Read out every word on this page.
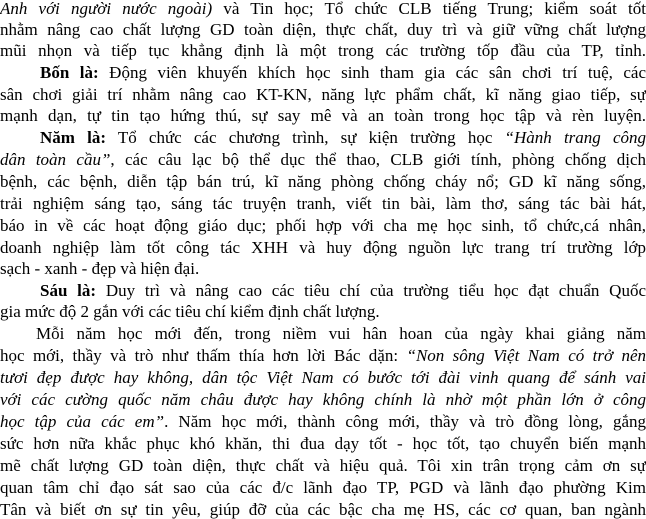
Anh với người nước ngoài) và Tin học; Tổ chức CLB tiếng Trung; kiểm soát tốt
nhằm nâng cao chất lượng GD toàn diện, thực chất, duy trì và giữ vững chất lượng
mũi nhọn và tiếp tục khẳng định là một trong các trường tốp đầu của TP, tỉnh.
Bốn là: Động viên khuyến khích học sinh tham gia các sân chơi trí tuệ, các
sân chơi giải trí nhằm nâng cao KT-KN, năng lực phẩm chất, kĩ năng giao tiếp, sự
mạnh dạn, tự tin tạo hứng thú, sự say mê và an toàn trong học tập và rèn luyện.
Năm là: Tổ chức các chương trình, sự kiện trường học “Hành trang công
dân toàn cầu”, các câu lạc bộ thể dục thể thao, CLB giới tính, phòng chống dịch
bệnh, các bệnh, diễn tập bán trú, kĩ năng phòng chống cháy nổ; GD kĩ năng sống,
trải nghiệm sáng tạo, sáng tác truyện tranh, viết tin bài, làm thơ, sáng tác bài hát,
báo in về các hoạt động giáo dục; phối hợp với cha mẹ học sinh, tổ chức,cá nhân,
doanh nghiệp làm tốt công tác XHH và huy động nguồn lực trang trí trường lớp
sạch - xanh - đẹp và hiện đại.
Sáu là: Duy trì và nâng cao các tiêu chí của trường tiểu học đạt chuẩn Quốc
gia mức độ 2 gắn với các tiêu chí kiểm định chất lượng.
Mỗi năm học mới đến, trong niềm vui hân hoan của ngày khai giảng năm
học mới, thầy và trò như thấm thía hơn lời Bác dặn: “Non sông Việt Nam có trở nên
tươi đẹp được hay không, dân tộc Việt Nam có bước tới đài vinh quang để sánh vai
với các cường quốc năm châu được hay không chính là nhờ một phần lớn ở công
học tập của các em”. Năm học mới, thành công mới, thầy và trò đồng lòng, gắng
sức hơn nữa khắc phục khó khăn, thi đua dạy tốt - học tốt, tạo chuyển biến mạnh
mẽ chất lượng GD toàn diện, thực chất và hiệu quả. Tôi xin trân trọng cảm ơn sự
quan tâm chỉ đạo sát sao của các đ/c lãnh đạo TP, PGD và lãnh đạo phường Kim
Tân và biết ơn sự tin yêu, giúp đỡ của các bậc cha mẹ HS, các cơ quan, ban ngành
